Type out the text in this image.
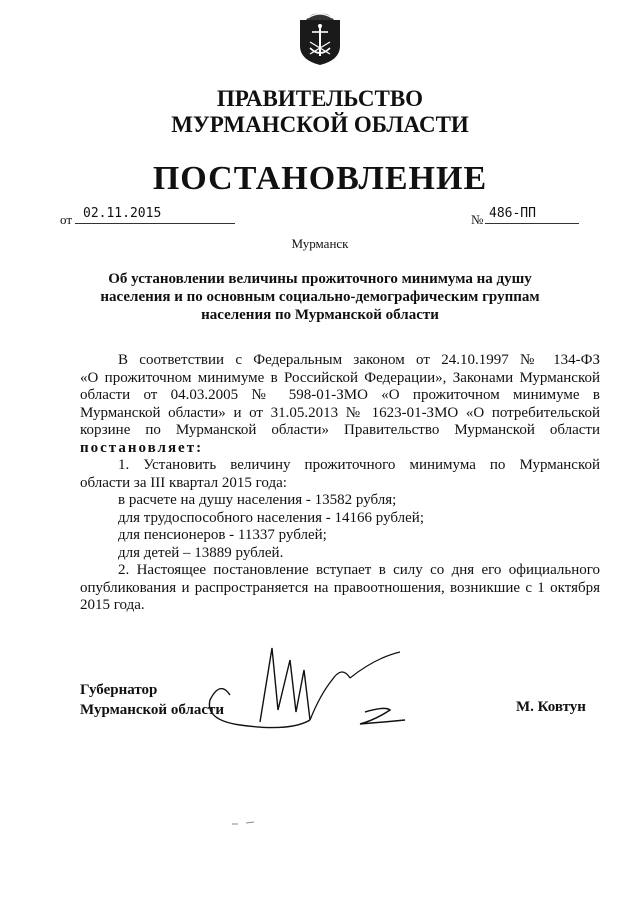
ПРАВИТЕЛЬСТВО
МУРМАНСКОЙ ОБЛАСТИ
ПОСТАНОВЛЕНИЕ
от 02.11.2015	№ 486-ПП
Мурманск
Об установлении величины прожиточного минимума на душу
населения и по основным социально-демографическим группам
населения по Мурманской области
В соответствии с Федеральным законом от 24.10.1997 № 134-ФЗ
«О прожиточном минимуме в Российской Федерации», Законами Мурманской
области от 04.03.2005 № 598-01-ЗМО «О прожиточном минимуме в
Мурманской области» и от 31.05.2013 № 1623-01-ЗМО «О потребительской
корзине по Мурманской области» Правительство Мурманской области
постановляет:
1. Установить величину прожиточного минимума по Мурманской
области за III квартал 2015 года:
в расчете на душу населения - 13582 рубля;
для трудоспособного населения - 14166 рублей;
для пенсионеров - 11337 рублей;
для детей – 13889 рублей.
2. Настоящее постановление вступает в силу со дня его официального
опубликования и распространяется на правоотношения, возникшие с 1 октября
2015 года.
Губернатор
Мурманской области	М. Ковтун
